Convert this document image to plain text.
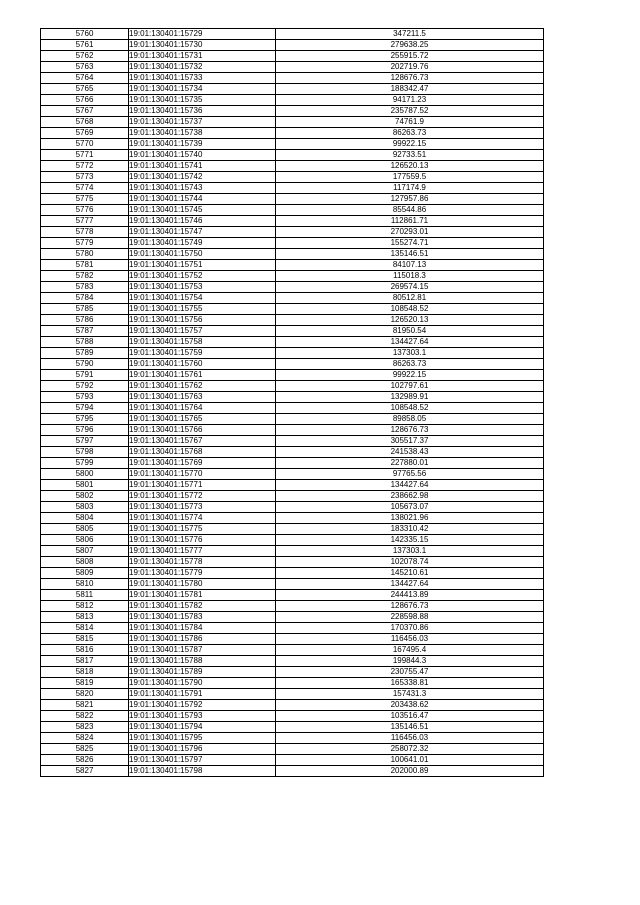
5760	19:01:130401:15729	347211.5
5761	19:01:130401:15730	279638.25
5762	19:01:130401:15731	255915.72
5763	19:01:130401:15732	202719.76
5764	19:01:130401:15733	128676.73
5765	19:01:130401:15734	188342.47
5766	19:01:130401:15735	94171.23
5767	19:01:130401:15736	235787.52
5768	19:01:130401:15737	74761.9
5769	19:01:130401:15738	86263.73
5770	19:01:130401:15739	99922.15
5771	19:01:130401:15740	92733.51
5772	19:01:130401:15741	126520.13
5773	19:01:130401:15742	177559.5
5774	19:01:130401:15743	117174.9
5775	19:01:130401:15744	127957.86
5776	19:01:130401:15745	85544.86
5777	19:01:130401:15746	112861.71
5778	19:01:130401:15747	270293.01
5779	19:01:130401:15749	155274.71
5780	19:01:130401:15750	135146.51
5781	19:01:130401:15751	84107.13
5782	19:01:130401:15752	115018.3
5783	19:01:130401:15753	269574.15
5784	19:01:130401:15754	80512.81
5785	19:01:130401:15755	108548.52
5786	19:01:130401:15756	126520.13
5787	19:01:130401:15757	81950.54
5788	19:01:130401:15758	134427.64
5789	19:01:130401:15759	137303.1
5790	19:01:130401:15760	86263.73
5791	19:01:130401:15761	99922.15
5792	19:01:130401:15762	102797.61
5793	19:01:130401:15763	132989.91
5794	19:01:130401:15764	108548.52
5795	19:01:130401:15765	89858.05
5796	19:01:130401:15766	128676.73
5797	19:01:130401:15767	305517.37
5798	19:01:130401:15768	241538.43
5799	19:01:130401:15769	227880.01
5800	19:01:130401:15770	97765.56
5801	19:01:130401:15771	134427.64
5802	19:01:130401:15772	238662.98
5803	19:01:130401:15773	105673.07
5804	19:01:130401:15774	138021.96
5805	19:01:130401:15775	183310.42
5806	19:01:130401:15776	142335.15
5807	19:01:130401:15777	137303.1
5808	19:01:130401:15778	102078.74
5809	19:01:130401:15779	145210.61
5810	19:01:130401:15780	134427.64
5811	19:01:130401:15781	244413.89
5812	19:01:130401:15782	128676.73
5813	19:01:130401:15783	228598.88
5814	19:01:130401:15784	170370.86
5815	19:01:130401:15786	116456.03
5816	19:01:130401:15787	167495.4
5817	19:01:130401:15788	199844.3
5818	19:01:130401:15789	230755.47
5819	19:01:130401:15790	165338.81
5820	19:01:130401:15791	157431.3
5821	19:01:130401:15792	203438.62
5822	19:01:130401:15793	103516.47
5823	19:01:130401:15794	135146.51
5824	19:01:130401:15795	116456.03
5825	19:01:130401:15796	258072.32
5826	19:01:130401:15797	100641.01
5827	19:01:130401:15798	202000.89
